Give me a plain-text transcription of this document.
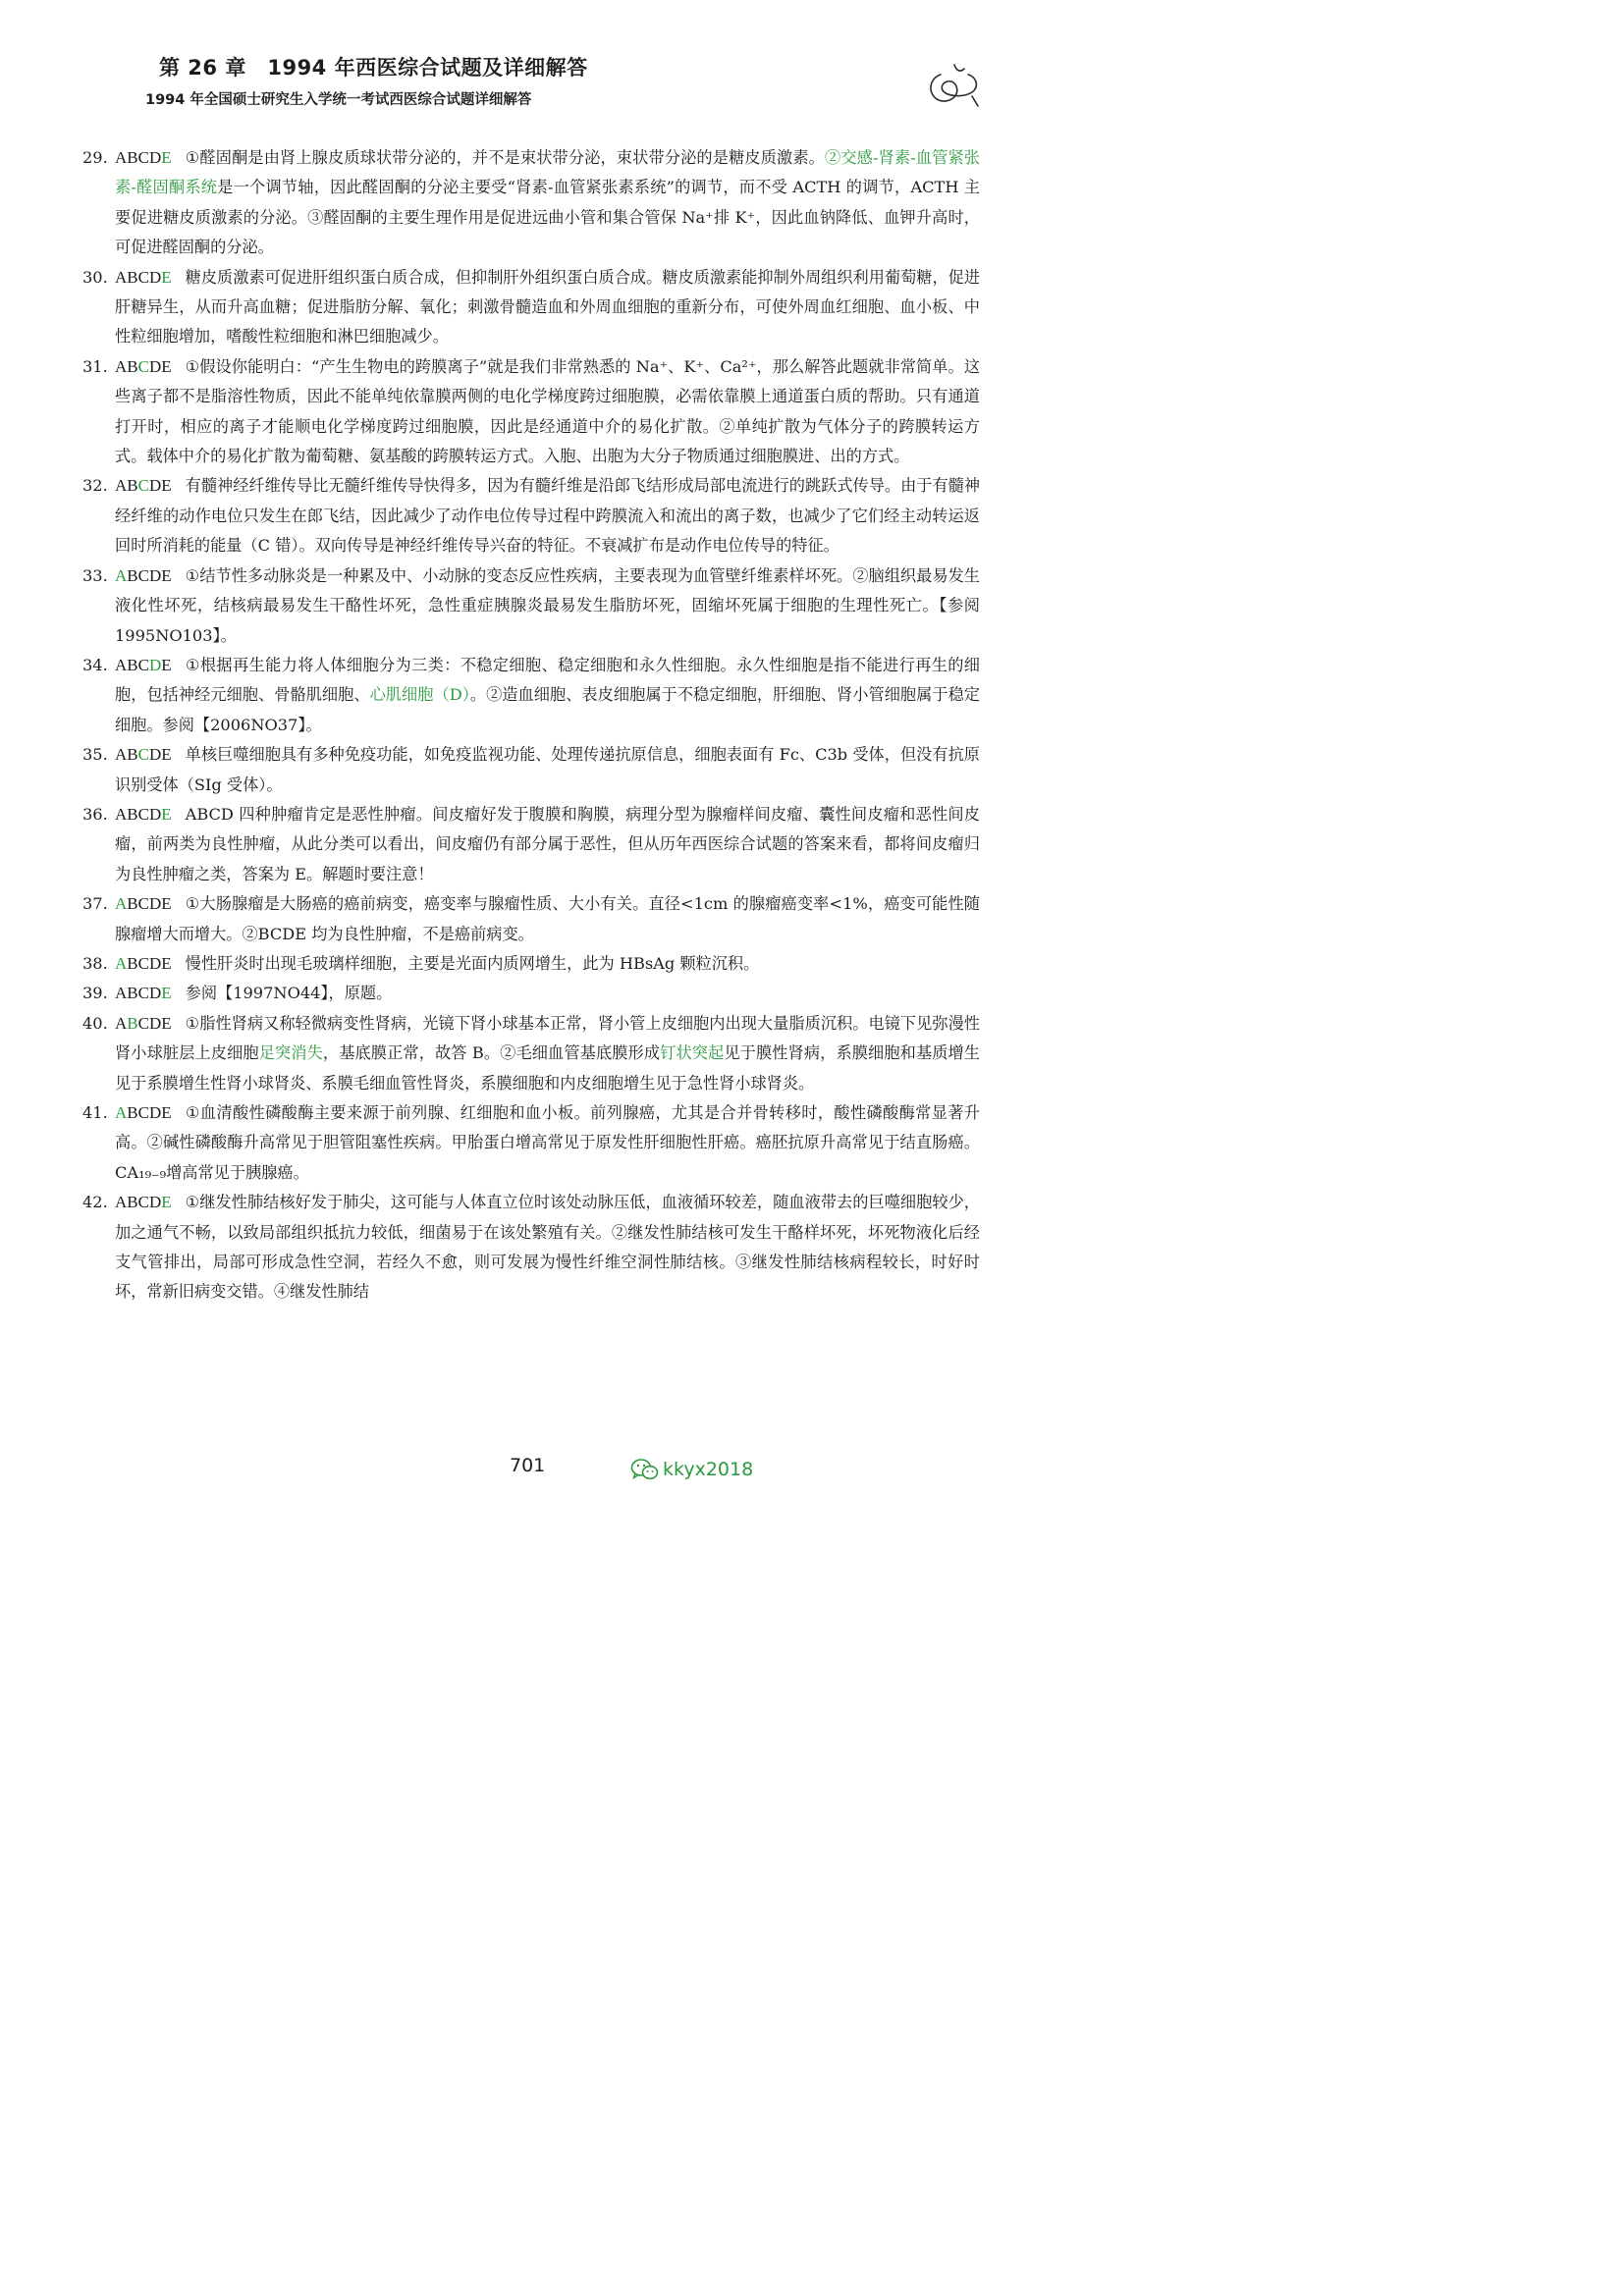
第 26 章　1994 年西医综合试题及详细解答
1994 年全国硕士研究生入学统一考试西医综合试题详细解答

29. ABCDE ①醛固酮是由肾上腺皮质球状带分泌的，并不是束状带分泌，束状带分泌的是糖皮质激素。②交感-肾素-血管紧张素-醛固酮系统是一个调节轴，因此醛固酮的分泌主要受“肾素-血管紧张素系统”的调节，而不受 ACTH 的调节，ACTH 主要促进糖皮质激素的分泌。③醛固酮的主要生理作用是促进远曲小管和集合管保 Na⁺排 K⁺，因此血钠降低、血钾升高时，可促进醛固酮的分泌。

30. ABCDE 糖皮质激素可促进肝组织蛋白质合成，但抑制肝外组织蛋白质合成。糖皮质激素能抑制外周组织利用葡萄糖，促进肝糖异生，从而升高血糖；促进脂肪分解、氧化；刺激骨髓造血和外周血细胞的重新分布，可使外周血红细胞、血小板、中性粒细胞增加，嗜酸性粒细胞和淋巴细胞减少。

31. ABCDE ①假设你能明白：“产生生物电的跨膜离子”就是我们非常熟悉的 Na⁺、K⁺、Ca²⁺，那么解答此题就非常简单。这些离子都不是脂溶性物质，因此不能单纯依靠膜两侧的电化学梯度跨过细胞膜，必需依靠膜上通道蛋白质的帮助。只有通道打开时，相应的离子才能顺电化学梯度跨过细胞膜，因此是经通道中介的易化扩散。②单纯扩散为气体分子的跨膜转运方式。载体中介的易化扩散为葡萄糖、氨基酸的跨膜转运方式。入胞、出胞为大分子物质通过细胞膜进、出的方式。

32. ABCDE 有髓神经纤维传导比无髓纤维传导快得多，因为有髓纤维是沿郎飞结形成局部电流进行的跳跃式传导。由于有髓神经纤维的动作电位只发生在郎飞结，因此减少了动作电位传导过程中跨膜流入和流出的离子数，也减少了它们经主动转运返回时所消耗的能量（C 错）。双向传导是神经纤维传导兴奋的特征。不衰减扩布是动作电位传导的特征。

33. ABCDE ①结节性多动脉炎是一种累及中、小动脉的变态反应性疾病，主要表现为血管壁纤维素样坏死。②脑组织最易发生液化性坏死，结核病最易发生干酪性坏死，急性重症胰腺炎最易发生脂肪坏死，固缩坏死属于细胞的生理性死亡。【参阅 1995NO103】。

34. ABCDE ①根据再生能力将人体细胞分为三类：不稳定细胞、稳定细胞和永久性细胞。永久性细胞是指不能进行再生的细胞，包括神经元细胞、骨骼肌细胞、心肌细胞（D）。②造血细胞、表皮细胞属于不稳定细胞，肝细胞、肾小管细胞属于稳定细胞。参阅【2006NO37】。

35. ABCDE 单核巨噬细胞具有多种免疫功能，如免疫监视功能、处理传递抗原信息，细胞表面有 Fc、C3b 受体，但没有抗原识别受体（SIg 受体）。

36. ABCDE ABCD 四种肿瘤肯定是恶性肿瘤。间皮瘤好发于腹膜和胸膜，病理分型为腺瘤样间皮瘤、囊性间皮瘤和恶性间皮瘤，前两类为良性肿瘤，从此分类可以看出，间皮瘤仍有部分属于恶性，但从历年西医综合试题的答案来看，都将间皮瘤归为良性肿瘤之类，答案为 E。解题时要注意！

37. ABCDE ①大肠腺瘤是大肠癌的癌前病变，癌变率与腺瘤性质、大小有关。直径<1cm 的腺瘤癌变率<1%，癌变可能性随腺瘤增大而增大。②BCDE 均为良性肿瘤，不是癌前病变。

38. ABCDE 慢性肝炎时出现毛玻璃样细胞，主要是光面内质网增生，此为 HBsAg 颗粒沉积。

39. ABCDE 参阅【1997NO44】，原题。

40. ABCDE ①脂性肾病又称轻微病变性肾病，光镜下肾小球基本正常，肾小管上皮细胞内出现大量脂质沉积。电镜下见弥漫性肾小球脏层上皮细胞足突消失，基底膜正常，故答 B。②毛细血管基底膜形成钉状突起见于膜性肾病，系膜细胞和基质增生见于系膜增生性肾小球肾炎、系膜毛细血管性肾炎，系膜细胞和内皮细胞增生见于急性肾小球肾炎。

41. ABCDE ①血清酸性磷酸酶主要来源于前列腺、红细胞和血小板。前列腺癌，尤其是合并骨转移时，酸性磷酸酶常显著升高。②碱性磷酸酶升高常见于胆管阻塞性疾病。甲胎蛋白增高常见于原发性肝细胞性肝癌。癌胚抗原升高常见于结直肠癌。CA₁₉₋₉增高常见于胰腺癌。

42. ABCDE ①继发性肺结核好发于肺尖，这可能与人体直立位时该处动脉压低，血液循环较差，随血液带去的巨噬细胞较少，加之通气不畅，以致局部组织抵抗力较低，细菌易于在该处繁殖有关。②继发性肺结核可发生干酪样坏死，坏死物液化后经支气管排出，局部可形成急性空洞，若经久不愈，则可发展为慢性纤维空洞性肺结核。③继发性肺结核病程较长，时好时坏，常新旧病变交错。④继发性肺结

701	kkyx2018
